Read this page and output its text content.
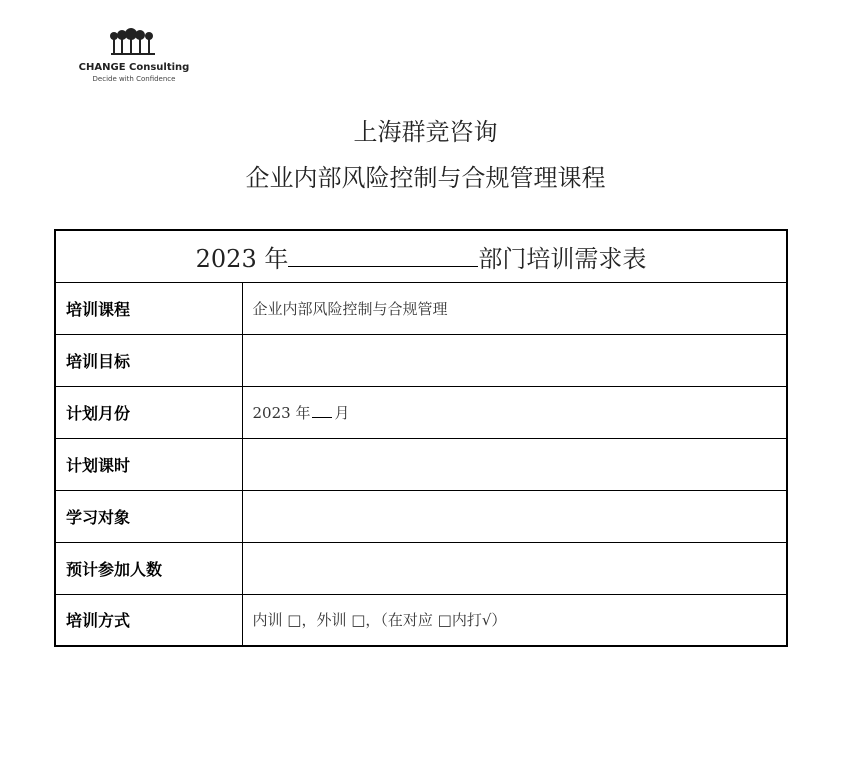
CHANGE Consulting
Decide with Confidence
上海群竞咨询
企业内部风险控制与合规管理课程
2023 年 部门培训需求表	
培训课程	企业内部风险控制与合规管理
培训目标	
计划月份	2023 年 月
计划课时	
学习对象	
预计参加人数	
培训方式	内训 □，外训 □，（在对应 □内打√）
